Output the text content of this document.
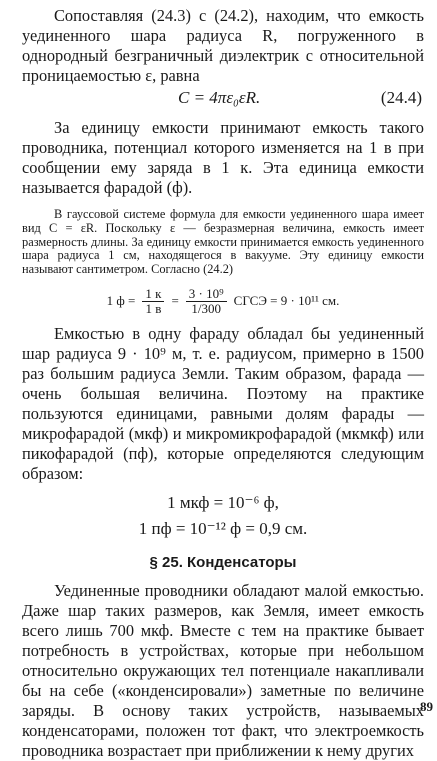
Сопоставляя (24.3) с (24.2), находим, что емкость уединенного шара радиуса R, погруженного в однородный безграничный диэлектрик с относительной проницаемостью ε, равна

C = 4πε₀εR.	(24.4)

За единицу емкости принимают емкость такого проводника, потенциал которого изменяется на 1 в при сообщении ему заряда в 1 к. Эта единица емкости называется фарадой (ф).

В гауссовой системе формула для емкости уединенного шара имеет вид C = εR. Поскольку ε — безразмерная величина, емкость имеет размерность длины. За единицу емкости принимается емкость уединенного шара радиуса 1 см, находящегося в вакууме. Эту единицу емкости называют сантиметром. Согласно (24.2)

1 $ф = \frac{1 к}{1 в} = \frac{\text{3 · 10⁹}}{1/300}$ СГСЭ = 9 · 10¹¹ см.

Емкостью в одну фараду обладал бы уединенный шар радиуса 9 · 10⁹ м, т. е. радиусом, примерно в 1500 раз большим радиуса Земли. Таким образом, фарада — очень большая величина. Поэтому на практике пользуются единицами, равными долям фарады — микрофарадой (мкф) и микромикрофарадой (мкмкф) или пикофарадой (пф), которые определяются следующим образом:

1 мкф = 10⁻⁶ ф,
1 пф = 10⁻¹² ф = 0,9 см.
§ 25. Конденсаторы

Уединенные проводники обладают малой емкостью. Даже шар таких размеров, как Земля, имеет емкость всего лишь 700 мкф. Вместе с тем на практике бывает потребность в устройствах, которые при небольшом относительно окружающих тел потенциале накапливали бы на себе («конденсировали») заметные по величине заряды. В основу таких устройств, называемых конденсаторами, положен тот факт, что электроемкость проводника возрастает при приближении к нему других

89
